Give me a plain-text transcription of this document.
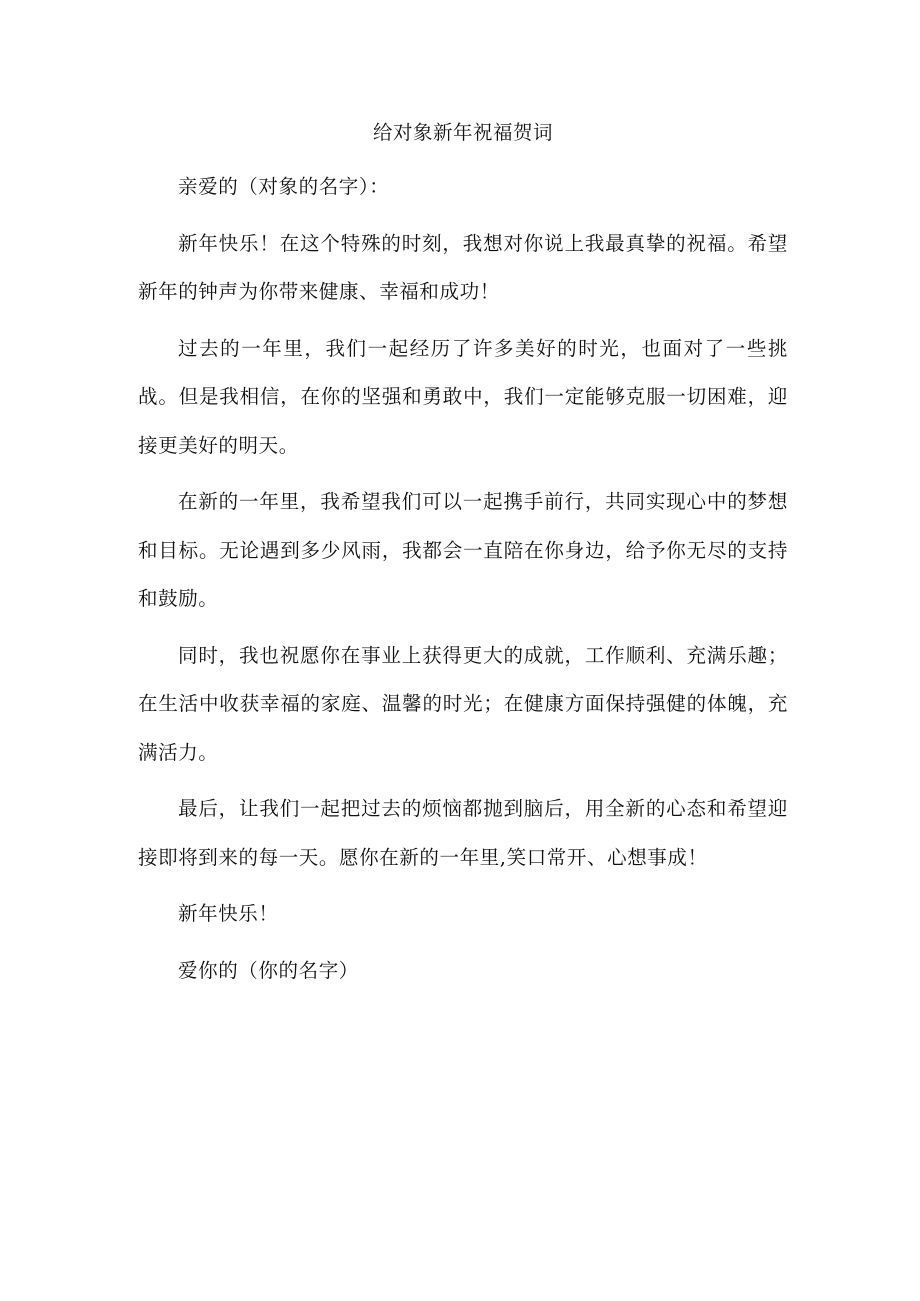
给对象新年祝福贺词

亲爱的（对象的名字）：

新年快乐！在这个特殊的时刻，我想对你说上我最真挚的祝福。希望新年的钟声为你带来健康、幸福和成功！

过去的一年里，我们一起经历了许多美好的时光，也面对了一些挑战。但是我相信，在你的坚强和勇敢中，我们一定能够克服一切困难，迎接更美好的明天。

在新的一年里，我希望我们可以一起携手前行，共同实现心中的梦想和目标。无论遇到多少风雨，我都会一直陪在你身边，给予你无尽的支持和鼓励。

同时，我也祝愿你在事业上获得更大的成就，工作顺利、充满乐趣；在生活中收获幸福的家庭、温馨的时光；在健康方面保持强健的体魄，充满活力。

最后，让我们一起把过去的烦恼都抛到脑后，用全新的心态和希望迎接即将到来的每一天。愿你在新的一年里,笑口常开、心想事成！

新年快乐！

爱你的（你的名字）
